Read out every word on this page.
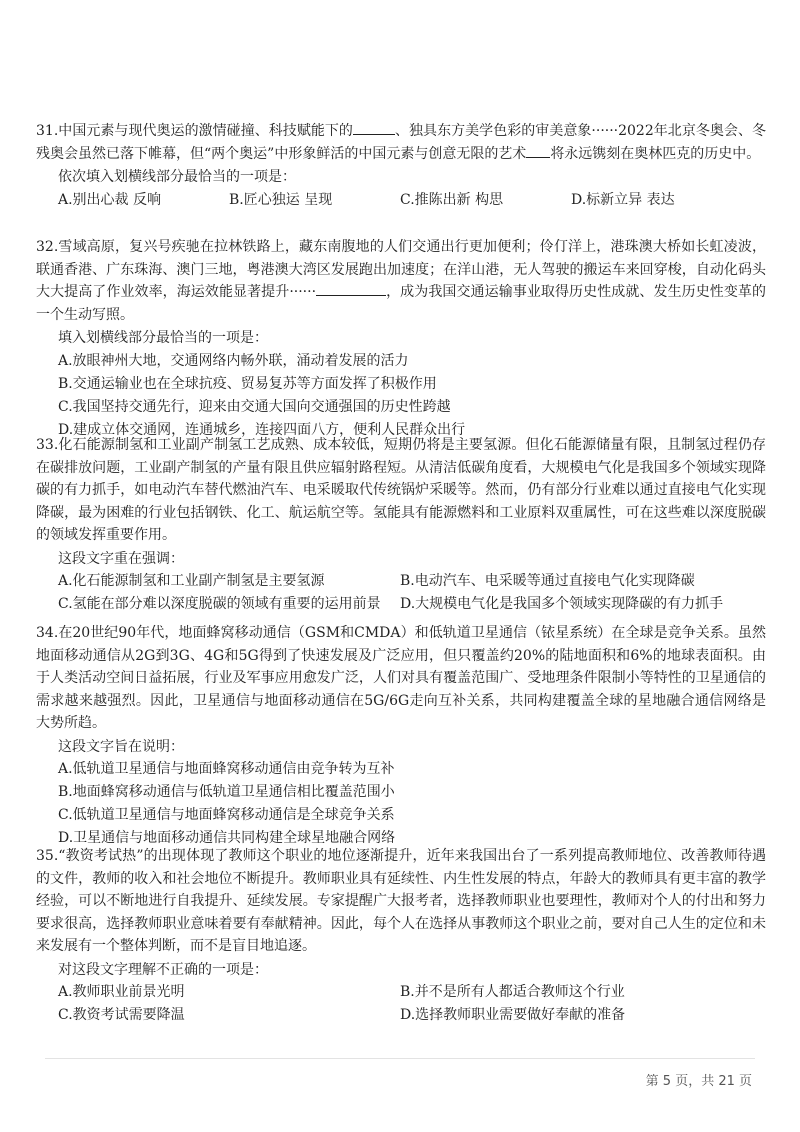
31.中国元素与现代奥运的激情碰撞、科技赋能下的	、独具东方美学色彩的审美意象······2022年北京冬奥会、冬残奥会虽然已落下帷幕，但“两个奥运”中形象鲜活的中国元素与创意无限的艺术 将永远镌刻在奥林匹克的历史中。
依次填入划横线部分最恰当的一项是：
A.别出心裁 反响	B.匠心独运 呈现	C.推陈出新 构思	D.标新立异 表达
32.雪域高原，复兴号疾驰在拉林铁路上，藏东南腹地的人们交通出行更加便利；伶仃洋上，港珠澳大桥如长虹凌波，联通香港、广东珠海、澳门三地，粤港澳大湾区发展跑出加速度；在洋山港，无人驾驶的搬运车来回穿梭，自动化码头大大提高了作业效率，海运效能显著提升······	，成为我国交通运输事业取得历史性成就、发生历史性变革的一个生动写照。
填入划横线部分最恰当的一项是：
A.放眼神州大地，交通网络内畅外联，涌动着发展的活力
B.交通运输业也在全球抗疫、贸易复苏等方面发挥了积极作用
C.我国坚持交通先行，迎来由交通大国向交通强国的历史性跨越
D.建成立体交通网，连通城乡，连接四面八方，便利人民群众出行
33.化石能源制氢和工业副产制氢工艺成熟、成本较低，短期仍将是主要氢源。但化石能源储量有限，且制氢过程仍存在碳排放问题，工业副产制氢的产量有限且供应辐射路程短。从清洁低碳角度看，大规模电气化是我国多个领域实现降碳的有力抓手，如电动汽车替代燃油汽车、电采暖取代传统锅炉采暖等。然而，仍有部分行业难以通过直接电气化实现降碳，最为困难的行业包括钢铁、化工、航运航空等。氢能具有能源燃料和工业原料双重属性，可在这些难以深度脱碳的领域发挥重要作用。
这段文字重在强调：
A.化石能源制氢和工业副产制氢是主要氢源	B.电动汽车、电采暖等通过直接电气化实现降碳
C.氢能在部分难以深度脱碳的领域有重要的运用前景	D.大规模电气化是我国多个领域实现降碳的有力抓手
34.在20世纪90年代，地面蜂窝移动通信（GSM和CMDA）和低轨道卫星通信（铱星系统）在全球是竞争关系。虽然地面移动通信从2G到3G、4G和5G得到了快速发展及广泛应用，但只覆盖约20%的陆地面积和6%的地球表面积。由于人类活动空间日益拓展，行业及军事应用愈发广泛，人们对具有覆盖范围广、受地理条件限制小等特性的卫星通信的需求越来越强烈。因此，卫星通信与地面移动通信在5G/6G走向互补关系，共同构建覆盖全球的星地融合通信网络是大势所趋。
这段文字旨在说明：
A.低轨道卫星通信与地面蜂窝移动通信由竞争转为互补
B.地面蜂窝移动通信与低轨道卫星通信相比覆盖范围小
C.低轨道卫星通信与地面蜂窝移动通信是全球竞争关系
D.卫星通信与地面移动通信共同构建全球星地融合网络
35.“教资考试热”的出现体现了教师这个职业的地位逐渐提升，近年来我国出台了一系列提高教师地位、改善教师待遇的文件，教师的收入和社会地位不断提升。教师职业具有延续性、内生性发展的特点，年龄大的教师具有更丰富的教学经验，可以不断地进行自我提升、延续发展。专家提醒广大报考者，选择教师职业也要理性，教师对个人的付出和努力要求很高，选择教师职业意味着要有奉献精神。因此，每个人在选择从事教师这个职业之前，要对自己人生的定位和未来发展有一个整体判断，而不是盲目地追逐。
对这段文字理解不正确的一项是：
A.教师职业前景光明	B.并不是所有人都适合教师这个行业
C.教资考试需要降温	D.选择教师职业需要做好奉献的准备
第 5 页，共 21 页
